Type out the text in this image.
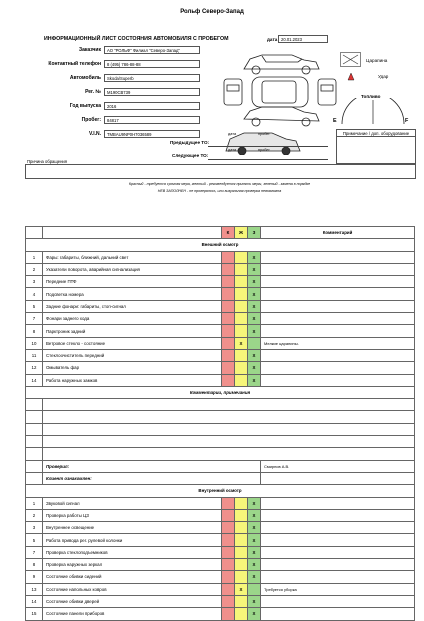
Рольф Северо-Запад
ИНФОРМАЦИОННЫЙ ЛИСТ СОСТОЯНИЯ АВТОМОБИЛЯ С ПРОБЕГОМ	дата 20.01.2023
Заказчик	АО "РОЛЬФ" Филиал "Северо-Запад"
Контактный телефон	8 (495) 786-88-88
Автомобиль	Skoda/Superb
Рег. №	М190СВ739
Год выпуска	2016
Пробег:	84817
V.I.N.	TMBAU9NP0H7036589
Царапина
Удар
Топливо
E	F
Примечание / доп. оборудование
дата	пробег
Предыдущее ТО:
дата	пробег
Следующее ТО:
Причина обращения
Красный - требуется срочная мера, желтый - рекомендуется принять меры, зеленый - замена в порядке
НЕВ ЗАПОЛНЕН - не проверялось, или визуальная проверка невозможна
		К	Ж	З	Комментарий
Внешний осмотр					
1	Фары: габариты, ближний, дальний свет			X	
2	Указатели поворота, аварийная сигнализация			X	
3	Передние ПТФ			X	
4	Подсветка номера			X	
5	Задние фонари: габариты, стоп-сигнал			X	
7	Фонари заднего хода			X	
8	Парктроник задний			X	
10	Ветровое стекло - состояние		X		Мелкие царапины.
11	Стеклоочиститель передний			X	
12	Омыватель фар			X	
14	Работа наружных замков			X	
Комментарии, примечания					

	Проверил:				Смирнов А.В.
	Клиент ознакомлен:				
Внутренний осмотр					
1	Звуковой сигнал			X	
2	Проверка работы ЦЗ			X	
3	Внутреннее освещение			X	
5	Работа привода рег. рулевой колонки			X	
7	Проверка стеклоподъемников			X	
8	Проверка наружных зеркал			X	
9	Состояние обивки сидений			X	
13	Состояние напольных ковров		X		Требуется уборка
14	Состояние обивки дверей			X	
15	Состояние панели приборов			X	
